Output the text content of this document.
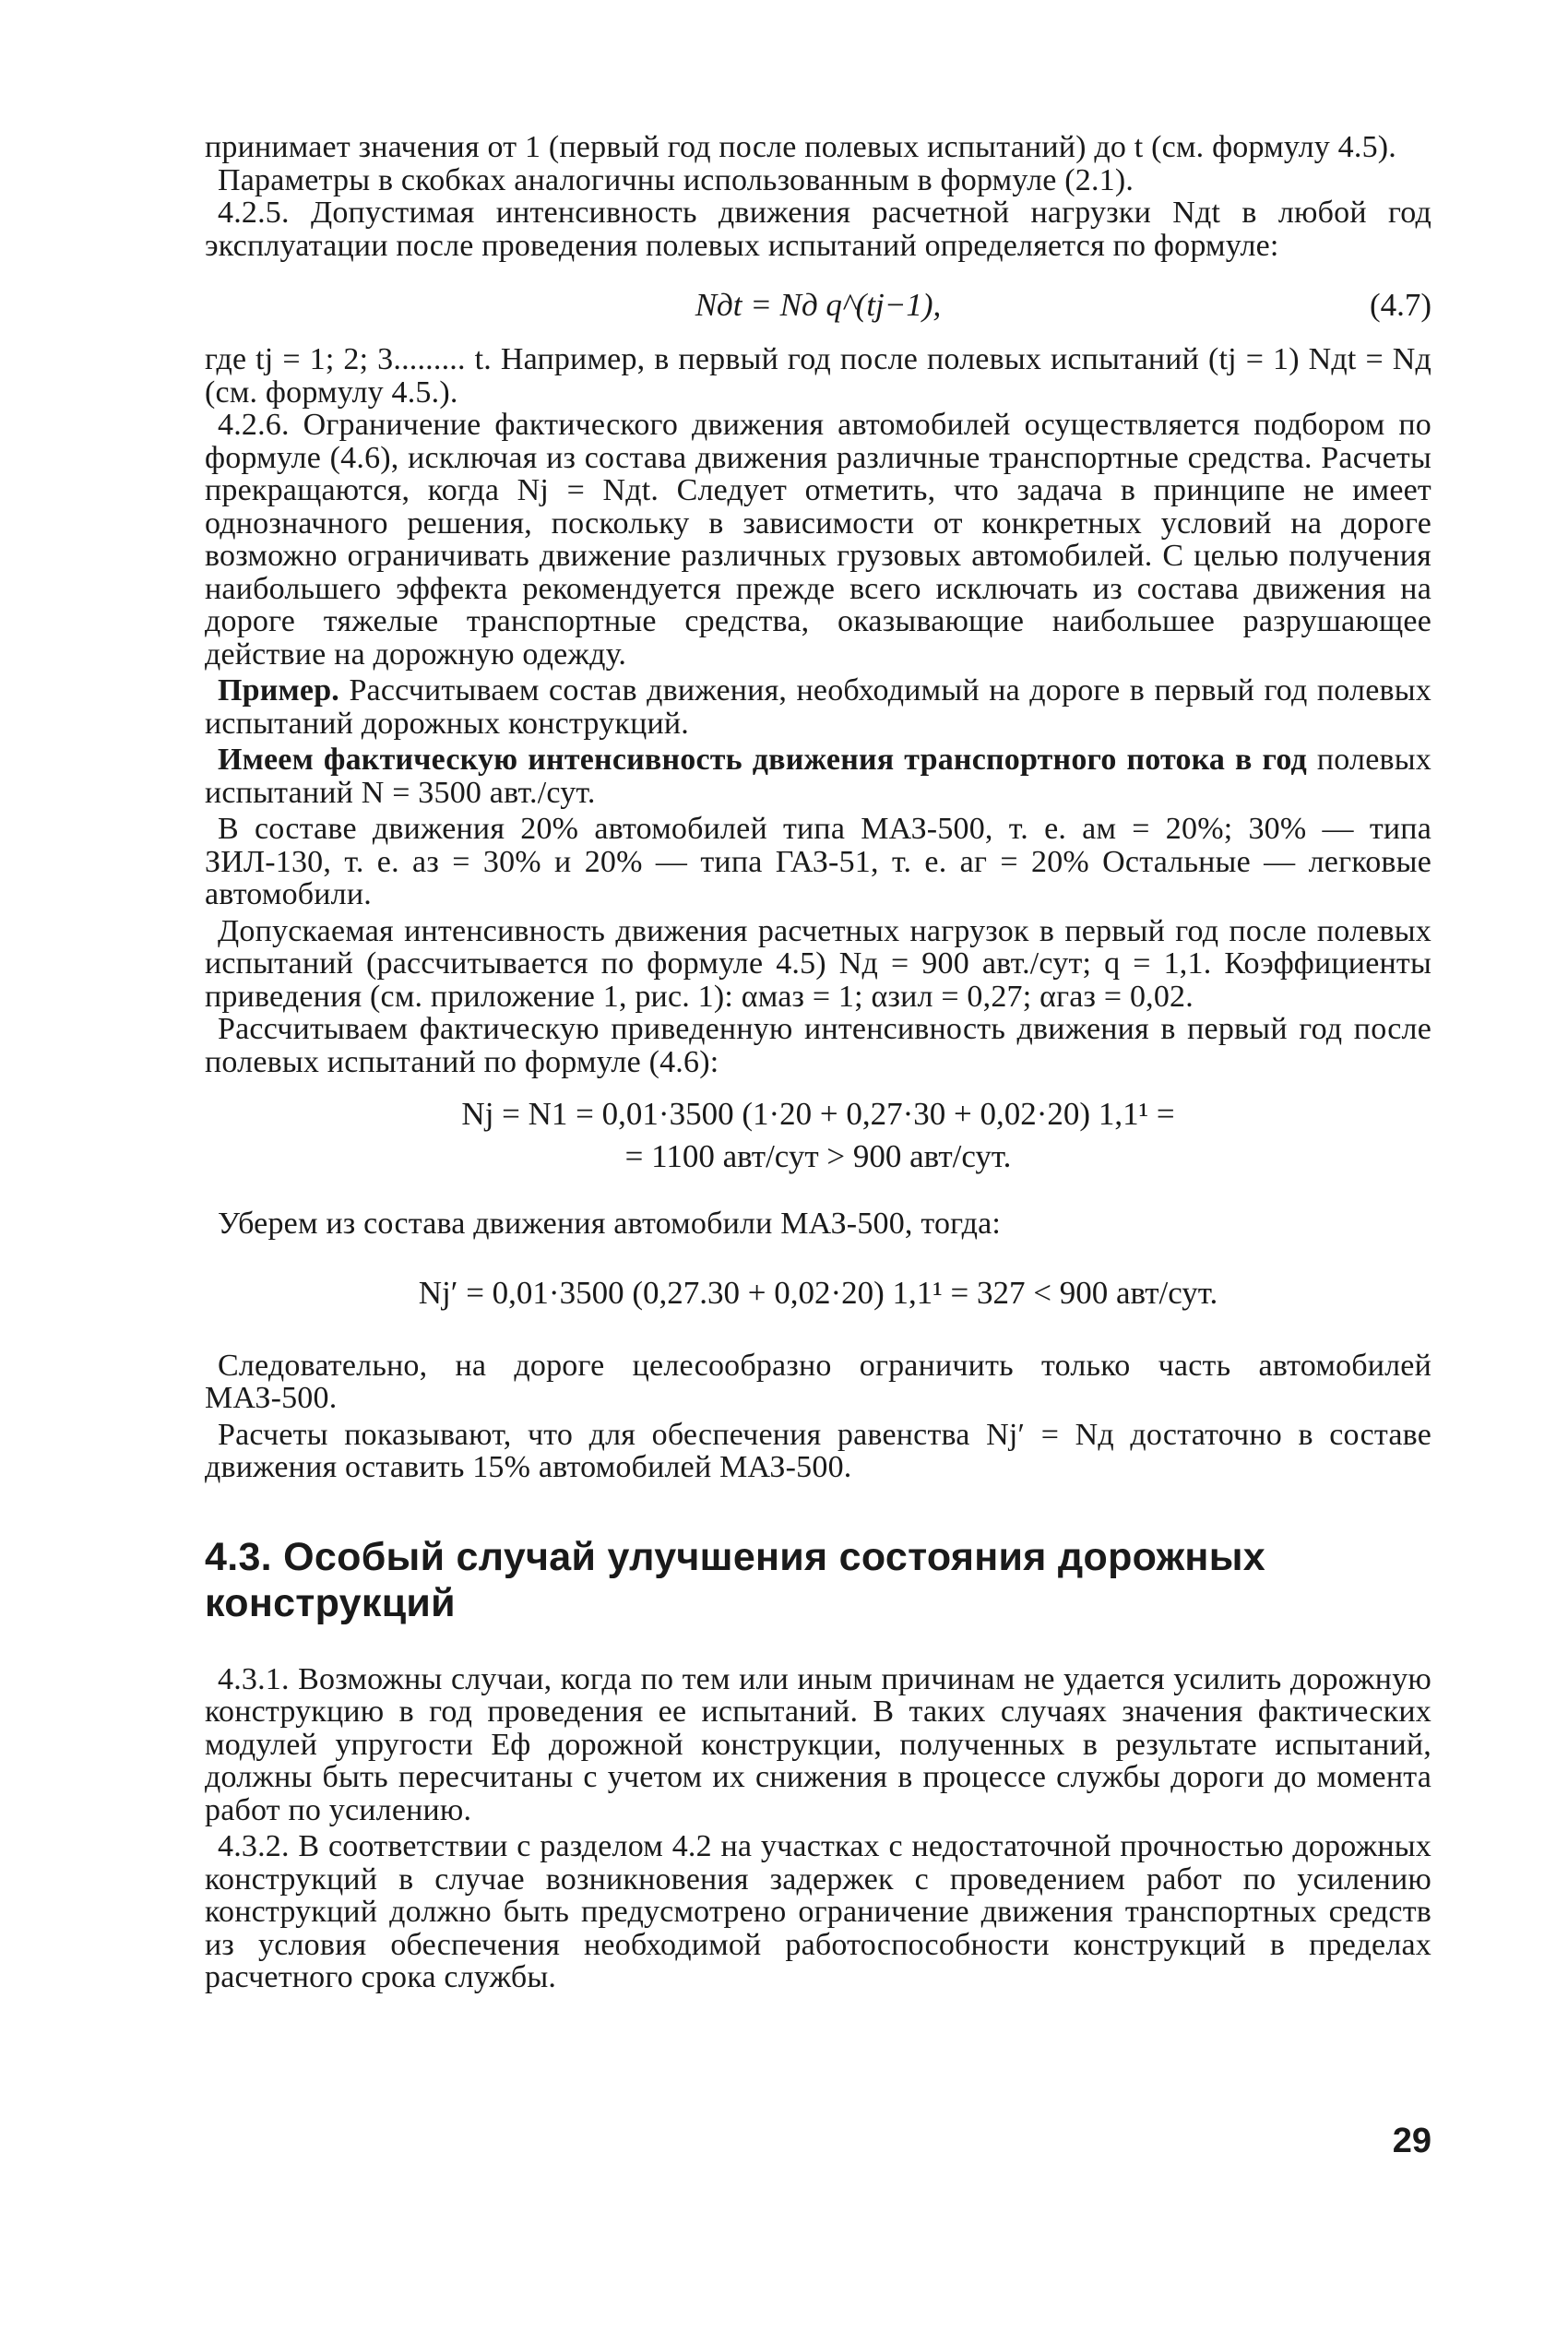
принимает значения от 1 (первый год после полевых испытаний) до t (см. формулу 4.5).

Параметры в скобках аналогичны использованным в формуле (2.1).

4.2.5. Допустимая интенсивность движения расчетной нагрузки Nдt в любой год эксплуатации после проведения полевых испытаний определяется по формуле:

Nдt = Nд q^(tj−1),	(4.7)

где tj = 1; 2; 3......... t. Например, в первый год после полевых испытаний (tj = 1) Nдt = Nд (см. формулу 4.5.).

4.2.6. Ограничение фактического движения автомобилей осуществляется подбором по формуле (4.6), исключая из состава движения различные транспортные средства. Расчеты прекращаются, когда Nj = Nдt. Следует отметить, что задача в принципе не имеет однозначного решения, поскольку в зависимости от конкретных условий на дороге возможно ограничивать движение различных грузовых автомобилей. С целью получения наибольшего эффекта рекомендуется прежде всего исключать из состава движения на дороге тяжелые транспортные средства, оказывающие наибольшее разрушающее действие на дорожную одежду.

Пример. Рассчитываем состав движения, необходимый на дороге в первый год полевых испытаний дорожных конструкций.

Имеем фактическую интенсивность движения транспортного потока в год полевых испытаний N = 3500 авт./сут.

В составе движения 20% автомобилей типа МАЗ-500, т. е. aм = 20%; 30% — типа ЗИЛ-130, т. е. aз = 30% и 20% — типа ГАЗ-51, т. е. aг = 20% Остальные — легковые автомобили.

Допускаемая интенсивность движения расчетных нагрузок в первый год после полевых испытаний (рассчитывается по формуле 4.5) Nд = 900 авт./сут; q = 1,1. Коэффициенты приведения (см. приложение 1, рис. 1): αмаз = 1; αзил = 0,27; αгаз = 0,02.

Рассчитываем фактическую приведенную интенсивность движения в первый год после полевых испытаний по формуле (4.6):

Nj = N1 = 0,01·3500 (1·20 + 0,27·30 + 0,02·20) 1,1¹ =
= 1100 авт/сут > 900 авт/сут.

Уберем из состава движения автомобили МАЗ-500, тогда:

Nj′ = 0,01·3500 (0,27.30 + 0,02·20) 1,1¹ = 327 < 900 авт/сут.

Следовательно, на дороге целесообразно ограничить только часть автомобилей МАЗ-500.

Расчеты показывают, что для обеспечения равенства Nj′ = Nд достаточно в составе движения оставить 15% автомобилей МАЗ-500.

4.3. Особый случай улучшения состояния дорожных конструкций

4.3.1. Возможны случаи, когда по тем или иным причинам не удается усилить дорожную конструкцию в год проведения ее испытаний. В таких случаях значения фактических модулей упругости Eф дорожной конструкции, полученных в результате испытаний, должны быть пересчитаны с учетом их снижения в процессе службы дороги до момента работ по усилению.

4.3.2. В соответствии с разделом 4.2 на участках с недостаточной прочностью дорожных конструкций в случае возникновения задержек с проведением работ по усилению конструкций должно быть предусмотрено ограничение движения транспортных средств из условия обеспечения необходимой работоспособности конструкций в пределах расчетного срока службы.

29
